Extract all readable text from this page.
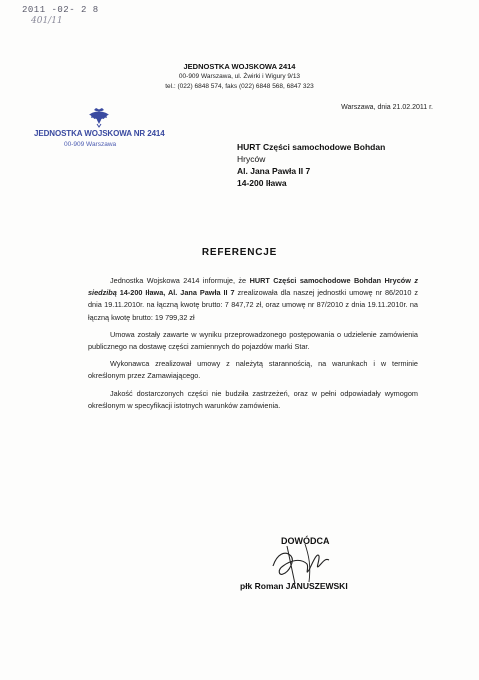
2011 -02- 2 8
401/11
JEDNOSTKA WOJSKOWA 2414
00-909 Warszawa, ul. Żwirki i Wigury 9/13
tel.: (022) 6848 574, faks (022) 6848 568, 6847 323
Warszawa, dnia 21.02.2011 r.
JEDNOSTKA WOJSKOWA NR 2414
00-909 Warszawa	HURT Części samochodowe Bohdan
Hryców
Al. Jana Pawła II 7
14-200 Iława
REFERENCJE

Jednostka Wojskowa 2414 informuje, że HURT Części samochodowe Bohdan Hryców z siedzibą 14-200 Iława, Al. Jana Pawła II 7 zrealizowała dla naszej jednostki umowę nr 86/2010 z dnia 19.11.2010r. na łączną kwotę brutto: 7 847,72 zł, oraz umowę nr 87/2010 z dnia 19.11.2010r. na łączną kwotę brutto: 19 799,32 zł

Umowa zostały zawarte w wyniku przeprowadzonego postępowania o udzielenie zamówienia publicznego na dostawę części zamiennych do pojazdów marki Star.

Wykonawca zrealizował umowy z należytą starannością, na warunkach i w terminie określonym przez Zamawiającego.

Jakość dostarczonych części nie budziła zastrzeżeń, oraz w pełni odpowiadały wymogom określonym w specyfikacji istotnych warunków zamówienia.

DOWÓDCA
płk Roman JANUSZEWSKI
